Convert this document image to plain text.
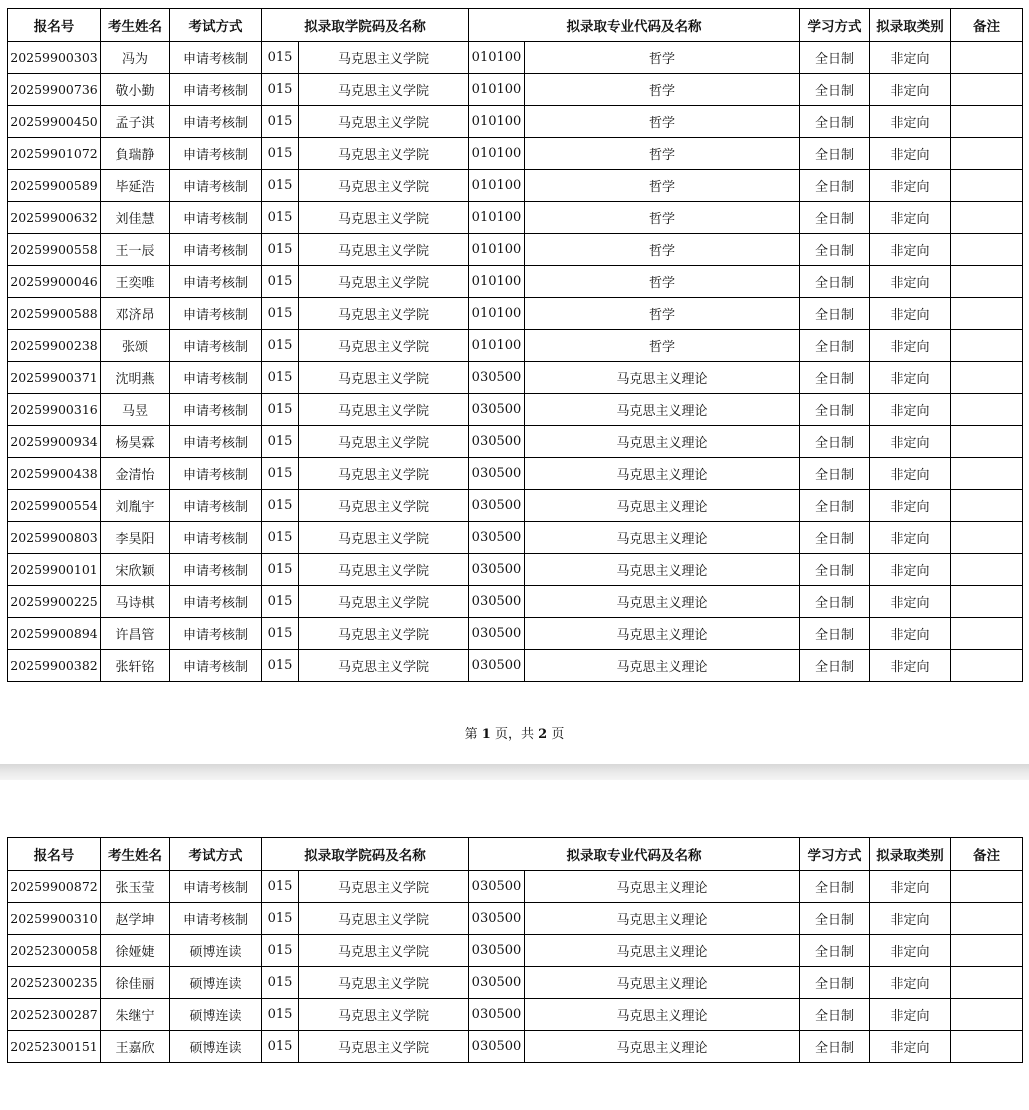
报名号	考生姓名	考试方式	拟录取学院码及名称		拟录取专业代码及名称		学习方式	拟录取类别	备注
20259900303	冯为	申请考核制	015	马克思主义学院	010100	哲学	全日制	非定向	
20259900736	敬小勤	申请考核制	015	马克思主义学院	010100	哲学	全日制	非定向	
20259900450	孟子淇	申请考核制	015	马克思主义学院	010100	哲学	全日制	非定向	
20259901072	負瑞静	申请考核制	015	马克思主义学院	010100	哲学	全日制	非定向	
20259900589	毕延浩	申请考核制	015	马克思主义学院	010100	哲学	全日制	非定向	
20259900632	刘佳慧	申请考核制	015	马克思主义学院	010100	哲学	全日制	非定向	
20259900558	王一辰	申请考核制	015	马克思主义学院	010100	哲学	全日制	非定向	
20259900046	王奕唯	申请考核制	015	马克思主义学院	010100	哲学	全日制	非定向	
20259900588	邓济昂	申请考核制	015	马克思主义学院	010100	哲学	全日制	非定向	
20259900238	张颂	申请考核制	015	马克思主义学院	010100	哲学	全日制	非定向	
20259900371	沈明燕	申请考核制	015	马克思主义学院	030500	马克思主义理论	全日制	非定向	
20259900316	马昱	申请考核制	015	马克思主义学院	030500	马克思主义理论	全日制	非定向	
20259900934	杨昊霖	申请考核制	015	马克思主义学院	030500	马克思主义理论	全日制	非定向	
20259900438	金清怡	申请考核制	015	马克思主义学院	030500	马克思主义理论	全日制	非定向	
20259900554	刘胤宇	申请考核制	015	马克思主义学院	030500	马克思主义理论	全日制	非定向	
20259900803	李昊阳	申请考核制	015	马克思主义学院	030500	马克思主义理论	全日制	非定向	
20259900101	宋欣颖	申请考核制	015	马克思主义学院	030500	马克思主义理论	全日制	非定向	
20259900225	马诗棋	申请考核制	015	马克思主义学院	030500	马克思主义理论	全日制	非定向	
20259900894	许昌管	申请考核制	015	马克思主义学院	030500	马克思主义理论	全日制	非定向	
20259900382	张轩铭	申请考核制	015	马克思主义学院	030500	马克思主义理论	全日制	非定向	
第 1 页，共 2 页
报名号	考生姓名	考试方式	拟录取学院码及名称		拟录取专业代码及名称		学习方式	拟录取类别	备注
20259900872	张玉莹	申请考核制	015	马克思主义学院	030500	马克思主义理论	全日制	非定向	
20259900310	赵学坤	申请考核制	015	马克思主义学院	030500	马克思主义理论	全日制	非定向	
20252300058	徐娅婕	硕博连读	015	马克思主义学院	030500	马克思主义理论	全日制	非定向	
20252300235	徐佳丽	硕博连读	015	马克思主义学院	030500	马克思主义理论	全日制	非定向	
20252300287	朱继宁	硕博连读	015	马克思主义学院	030500	马克思主义理论	全日制	非定向	
20252300151	王嘉欣	硕博连读	015	马克思主义学院	030500	马克思主义理论	全日制	非定向	
